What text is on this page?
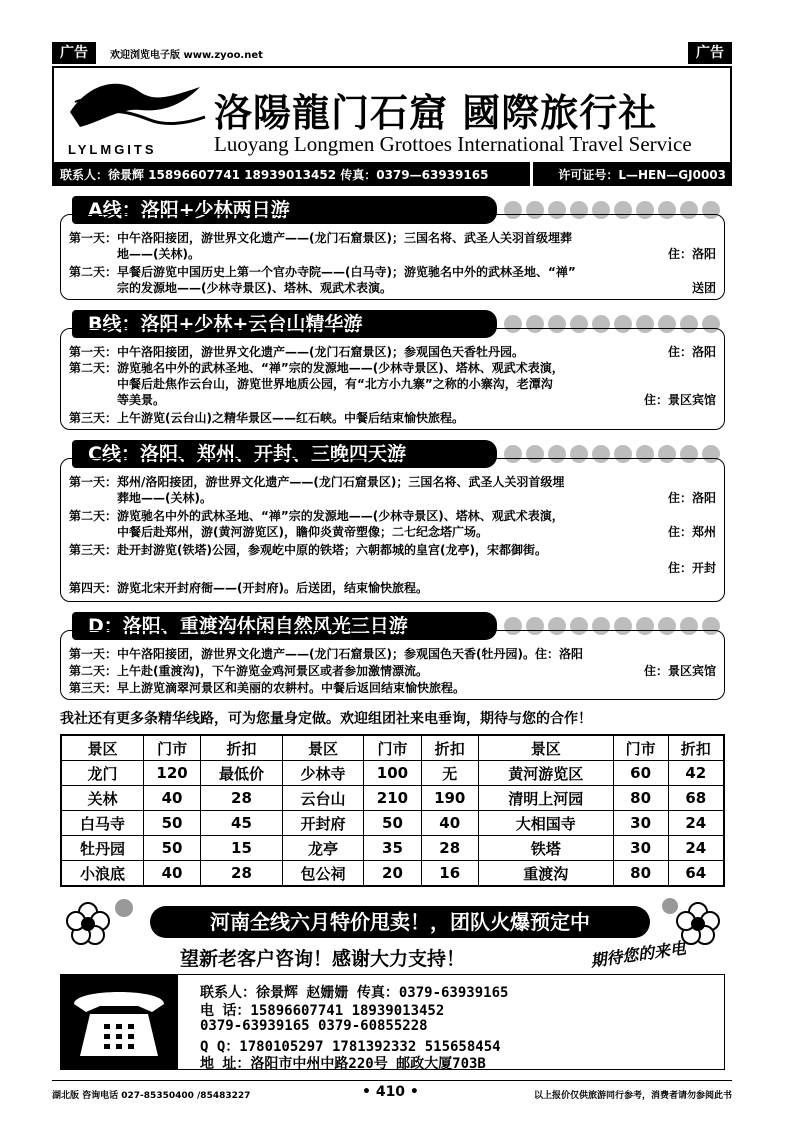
广告	欢迎浏览电子版 www.zyoo.net	广告
LYLMGITS
洛陽龍门石窟 國際旅行社
Luoyang Longmen Grottoes International Travel Service
联系人：徐景辉 15896607741 18939013452 传真：0379—63939165	许可证号：L—HEN—GJ0003
A线：洛阳+少林两日游
第一天：中午洛阳接团，游世界文化遗产——(龙门石窟景区)；三国名将、武圣人关羽首级埋葬
　　　　地——(关林)。	住：洛阳
第二天：早餐后游览中国历史上第一个官办寺院——(白马寺)；游览驰名中外的武林圣地、“禅”
　　　　宗的发源地——(少林寺景区)、塔林、观武术表演。	送团
B线：洛阳+少林+云台山精华游
第一天：中午洛阳接团，游世界文化遗产——(龙门石窟景区)；参观国色天香牡丹园。	住：洛阳
第二天：游览驰名中外的武林圣地、“禅”宗的发源地——(少林寺景区)、塔林、观武术表演，
　　　　中餐后赴焦作云台山，游览世界地质公园，有“北方小九寨”之称的小寨沟，老潭沟
　　　　等美景。	住：景区宾馆
第三天：上午游览(云台山)之精华景区——红石峡。中餐后结束愉快旅程。
C线：洛阳、郑州、开封、三晚四天游
第一天：郑州/洛阳接团，游世界文化遗产——(龙门石窟景区)；三国名将、武圣人关羽首级埋
　　　　葬地——(关林)。	住：洛阳
第二天：游览驰名中外的武林圣地、“禅”宗的发源地——(少林寺景区)、塔林、观武术表演，
　　　　中餐后赴郑州，游(黄河游览区)，瞻仰炎黄帝塑像；二七纪念塔广场。	住：郑州
第三天：赴开封游览(铁塔)公园，参观屹中原的铁塔；六朝都城的皇宫(龙亭)，宋都御街。
住：开封
第四天：游览北宋开封府衙——(开封府)。后送团，结束愉快旅程。
D：洛阳、重渡沟休闲自然风光三日游
第一天：中午洛阳接团，游世界文化遗产——(龙门石窟景区)；参观国色天香(牡丹园)。住：洛阳
第二天：上午赴(重渡沟)，下午游览金鸡河景区或者参加激情漂流。	住：景区宾馆
第三天：早上游览滴翠河景区和美丽的农耕村。中餐后返回结束愉快旅程。
我社还有更多条精华线路，可为您量身定做。欢迎组团社来电垂询，期待与您的合作！
景区	门市	折扣	景区	门市	折扣	景区	门市	折扣
龙门	120	最低价	少林寺	100	无	黄河游览区	60	42
关林	40	28	云台山	210	190	清明上河园	80	68
白马寺	50	45	开封府	50	40	大相国寺	30	24
牡丹园	50	15	龙亭	35	28	铁塔	30	24
小浪底	40	28	包公祠	20	16	重渡沟	80	64
河南全线六月特价甩卖！，团队火爆预定中
望新老客户咨询！感谢大力支持！	期待您的来电
联系人：徐景辉 赵姗姗 传真：0379-63939165
电 话：15896607741 18939013452
0379-63939165 0379-60855228
Q Q：1780105297 1781392332 515658454
地 址：洛阳市中州中路220号 邮政大厦703B
湖北版 咨询电话 027-85350400 /85483227	• 410 •	以上报价仅供旅游同行参考，消费者请勿参阅此书
